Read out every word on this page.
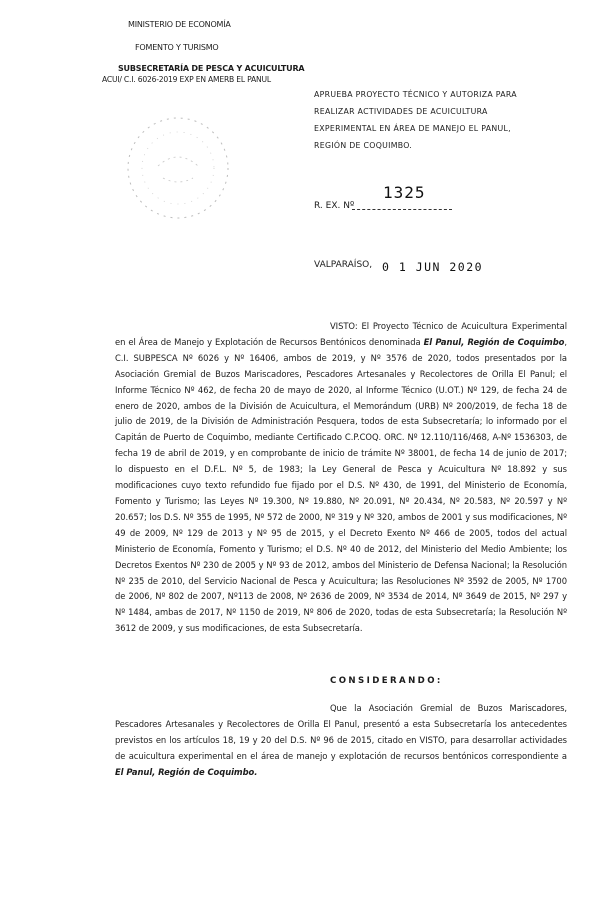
MINISTERIO DE ECONOMÍA
FOMENTO Y TURISMO
SUBSECRETARÍA DE PESCA Y ACUICULTURA
ACUI/ C.I. 6026-2019 EXP EN AMERB EL PANUL
APRUEBA PROYECTO TÉCNICO Y AUTORIZA PARA
REALIZAR ACTIVIDADES DE ACUICULTURA
EXPERIMENTAL EN ÁREA DE MANEJO EL PANUL,
REGIÓN DE COQUIMBO.
1325
R. EX. Nº
VALPARAÍSO, 0 1 JUN 2020
VISTO: El Proyecto Técnico de Acuicultura Experimental en el Área de Manejo y Explotación de Recursos Bentónicos denominada El Panul, Región de Coquimbo, C.I. SUBPESCA Nº 6026 y Nº 16406, ambos de 2019, y Nº 3576 de 2020, todos presentados por la Asociación Gremial de Buzos Mariscadores, Pescadores Artesanales y Recolectores de Orilla El Panul; el Informe Técnico Nº 462, de fecha 20 de mayo de 2020, al Informe Técnico (U.OT.) Nº 129, de fecha 24 de enero de 2020, ambos de la División de Acuicultura, el Memorándum (URB) Nº 200/2019, de fecha 18 de julio de 2019, de la División de Administración Pesquera, todos de esta Subsecretaría; lo informado por el Capitán de Puerto de Coquimbo, mediante Certificado C.P.COQ. ORC. Nº 12.110/116/468, A-Nº 1536303, de fecha 19 de abril de 2019, y en comprobante de inicio de trámite Nº 38001, de fecha 14 de junio de 2017; lo dispuesto en el D.F.L. Nº 5, de 1983; la Ley General de Pesca y Acuicultura Nº 18.892 y sus modificaciones cuyo texto refundido fue fijado por el D.S. Nº 430, de 1991, del Ministerio de Economía, Fomento y Turismo; las Leyes Nº 19.300, Nº 19.880, Nº 20.091, Nº 20.434, Nº 20.583, Nº 20.597 y Nº 20.657; los D.S. Nº 355 de 1995, Nº 572 de 2000, Nº 319 y Nº 320, ambos de 2001 y sus modificaciones, Nº 49 de 2009, Nº 129 de 2013 y Nº 95 de 2015, y el Decreto Exento Nº 466 de 2005, todos del actual Ministerio de Economía, Fomento y Turismo; el D.S. Nº 40 de 2012, del Ministerio del Medio Ambiente; los Decretos Exentos Nº 230 de 2005 y Nº 93 de 2012, ambos del Ministerio de Defensa Nacional; la Resolución Nº 235 de 2010, del Servicio Nacional de Pesca y Acuicultura; las Resoluciones Nº 3592 de 2005, Nº 1700 de 2006, Nº 802 de 2007, Nº113 de 2008, Nº 2636 de 2009, Nº 3534 de 2014, Nº 3649 de 2015, Nº 297 y Nº 1484, ambas de 2017, Nº 1150 de 2019, Nº 806 de 2020, todas de esta Subsecretaría; la Resolución Nº 3612 de 2009, y sus modificaciones, de esta Subsecretaría.
CONSIDERANDO:
Que la Asociación Gremial de Buzos Mariscadores, Pescadores Artesanales y Recolectores de Orilla El Panul, presentó a esta Subsecretaría los antecedentes previstos en los artículos 18, 19 y 20 del D.S. Nº 96 de 2015, citado en VISTO, para desarrollar actividades de acuicultura experimental en el área de manejo y explotación de recursos bentónicos correspondiente a El Panul, Región de Coquimbo.
